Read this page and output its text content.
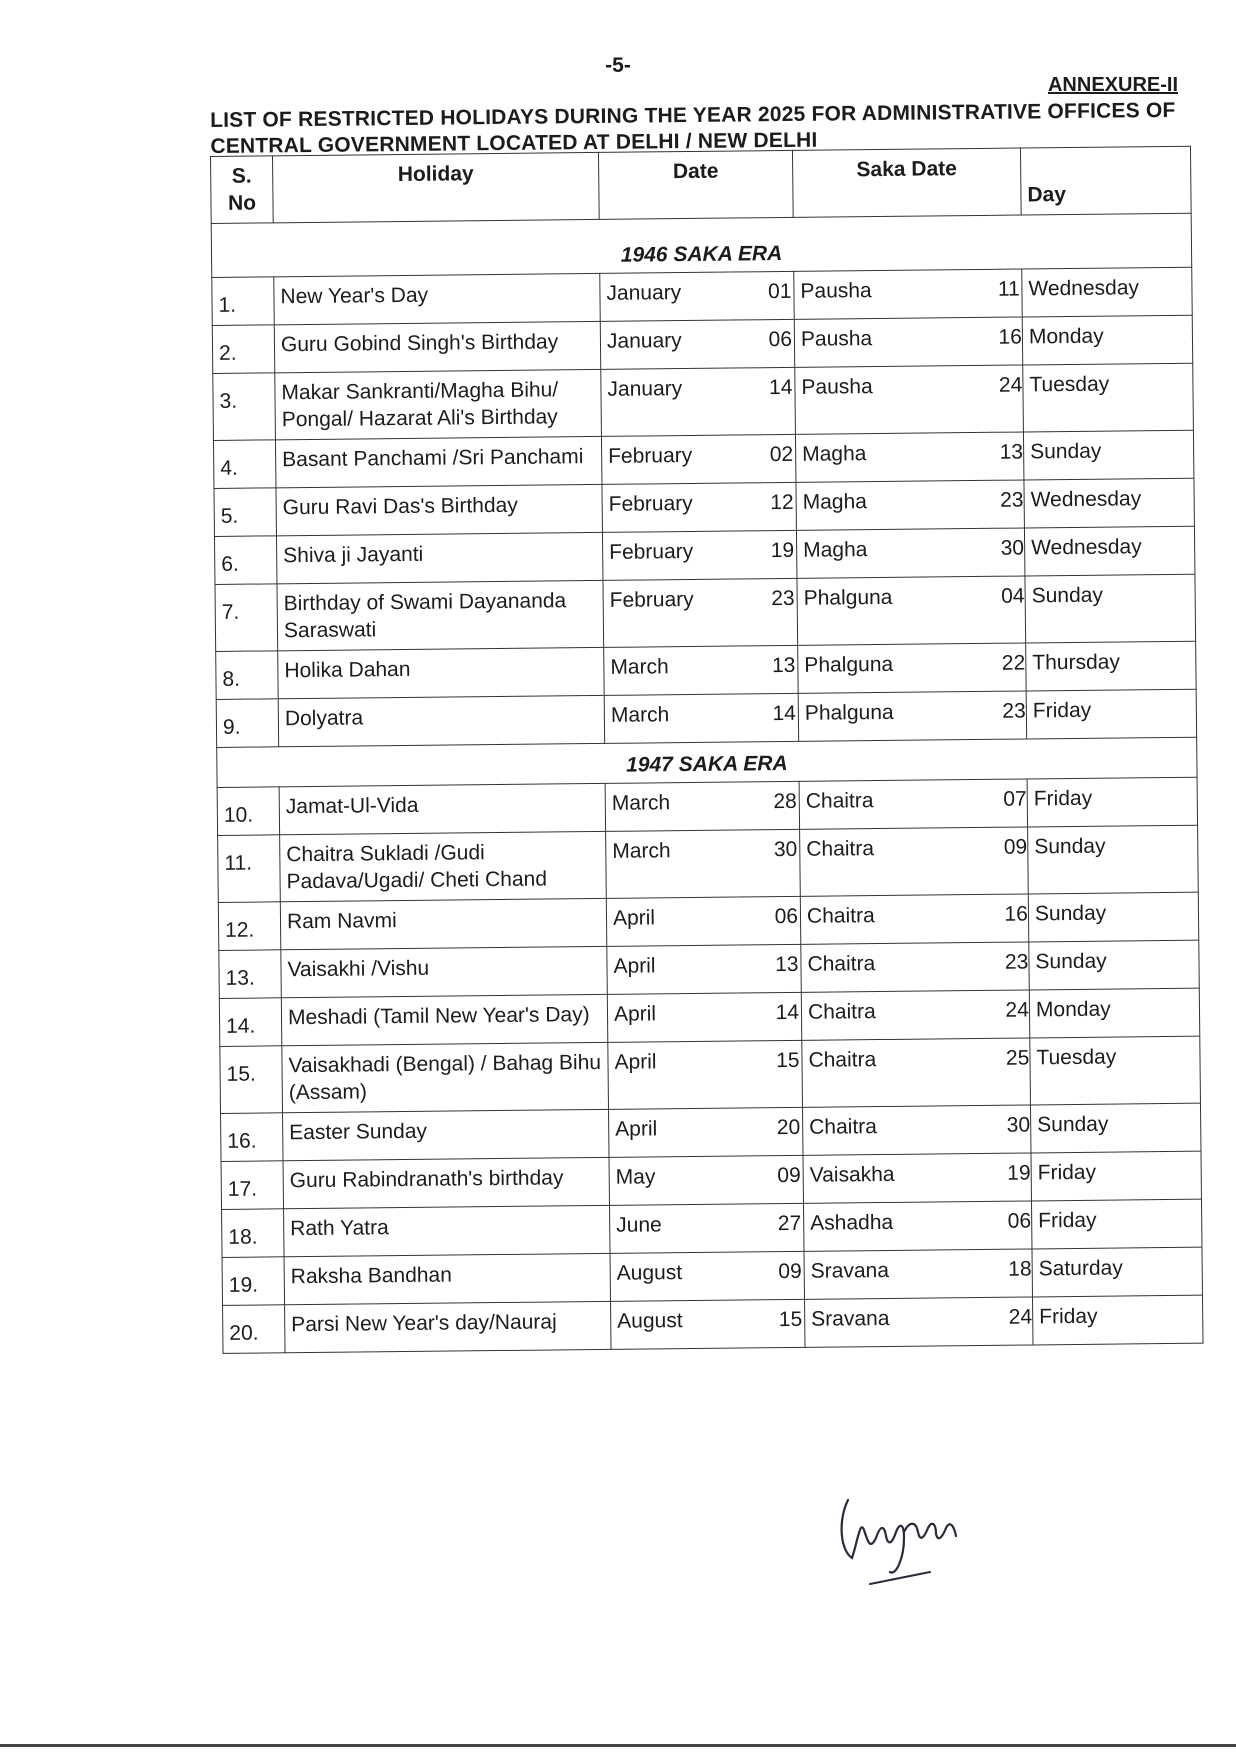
-5-
ANNEXURE-II
LIST OF RESTRICTED HOLIDAYS DURING THE YEAR 2025 FOR ADMINISTRATIVE OFFICES OF CENTRAL GOVERNMENT LOCATED AT DELHI / NEW DELHI
S. No	Holiday	Date		Saka Date		Day
1946 SAKA ERA						
1.	New Year's Day	January	01	Pausha	11	Wednesday
2.	Guru Gobind Singh's Birthday	January	06	Pausha	16	Monday
3.	Makar Sankranti/Magha Bihu/ Pongal/ Hazarat Ali's Birthday	January	14	Pausha	24	Tuesday
4.	Basant Panchami /Sri Panchami	February	02	Magha	13	Sunday
5.	Guru Ravi Das's Birthday	February	12	Magha	23	Wednesday
6.	Shiva ji Jayanti	February	19	Magha	30	Wednesday
7.	Birthday of Swami Dayananda Saraswati	February	23	Phalguna	04	Sunday
8.	Holika Dahan	March	13	Phalguna	22	Thursday
9.	Dolyatra	March	14	Phalguna	23	Friday
1947 SAKA ERA						
10.	Jamat-Ul-Vida	March	28	Chaitra	07	Friday
11.	Chaitra Sukladi /Gudi Padava/Ugadi/ Cheti Chand	March	30	Chaitra	09	Sunday
12.	Ram Navmi	April	06	Chaitra	16	Sunday
13.	Vaisakhi /Vishu	April	13	Chaitra	23	Sunday
14.	Meshadi (Tamil New Year's Day)	April	14	Chaitra	24	Monday
15.	Vaisakhadi (Bengal) / Bahag Bihu (Assam)	April	15	Chaitra	25	Tuesday
16.	Easter Sunday	April	20	Chaitra	30	Sunday
17.	Guru Rabindranath's birthday	May	09	Vaisakha	19	Friday
18.	Rath Yatra	June	27	Ashadha	06	Friday
19.	Raksha Bandhan	August	09	Sravana	18	Saturday
20.	Parsi New Year's day/Nauraj	August	15	Sravana	24	Friday
